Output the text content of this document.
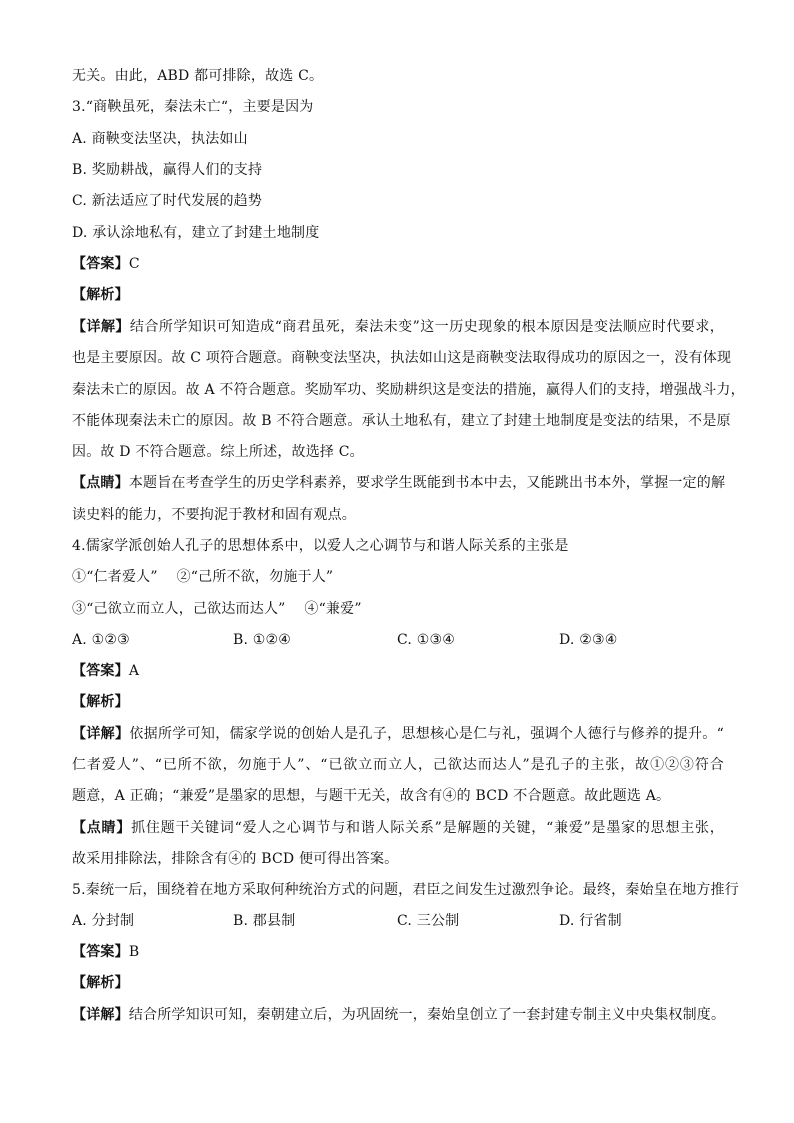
无关。由此，ABD 都可排除，故选 C。
3.“商鞅虽死，秦法未亡“，主要是因为
A. 商鞅变法坚决，执法如山
B. 奖励耕战，赢得人们的支持
C. 新法适应了时代发展的趋势
D. 承认涂地私有，建立了封建土地制度
【答案】C
【解析】
【详解】结合所学知识可知造成“商君虽死，秦法未变”这一历史现象的根本原因是变法顺应时代要求，
也是主要原因。故 C 项符合题意。商鞅变法坚决，执法如山这是商鞅变法取得成功的原因之一，没有体现
秦法未亡的原因。故 A 不符合题意。奖励军功、奖励耕织这是变法的措施，赢得人们的支持，增强战斗力，
不能体现秦法未亡的原因。故 B 不符合题意。承认土地私有，建立了封建土地制度是变法的结果，不是原
因。故 D 不符合题意。综上所述，故选择 C。
【点睛】本题旨在考查学生的历史学科素养，要求学生既能到书本中去，又能跳出书本外，掌握一定的解
读史料的能力，不要拘泥于教材和固有观点。
4.儒家学派创始人孔子的思想体系中，以爱人之心调节与和谐人际关系的主张是
①“仁者爱人”　 ②“己所不欲，勿施于人”
③“己欲立而立人，己欲达而达人”　 ④“兼爱”
A. ①②③	B. ①②④	C. ①③④	D. ②③④
【答案】A
【解析】
【详解】依据所学可知，儒家学说的创始人是孔子，思想核心是仁与礼，强调个人德行与修养的提升。“
仁者爱人”、“已所不欲，勿施于人”、“已欲立而立人，己欲达而达人”是孔子的主张，故①②③符合
题意，A 正确；“兼爱”是墨家的思想，与题干无关，故含有④的 BCD 不合题意。故此题选 A。
【点睛】抓住题干关键词“爱人之心调节与和谐人际关系”是解题的关键，“兼爱”是墨家的思想主张，
故采用排除法，排除含有④的 BCD 便可得出答案。
5.秦统一后，围绕着在地方采取何种统治方式的问题，君臣之间发生过激烈争论。最终，秦始皇在地方推行
A. 分封制	B. 郡县制	C. 三公制	D. 行省制
【答案】B
【解析】
【详解】结合所学知识可知，秦朝建立后，为巩固统一，秦始皇创立了一套封建专制主义中央集权制度。
